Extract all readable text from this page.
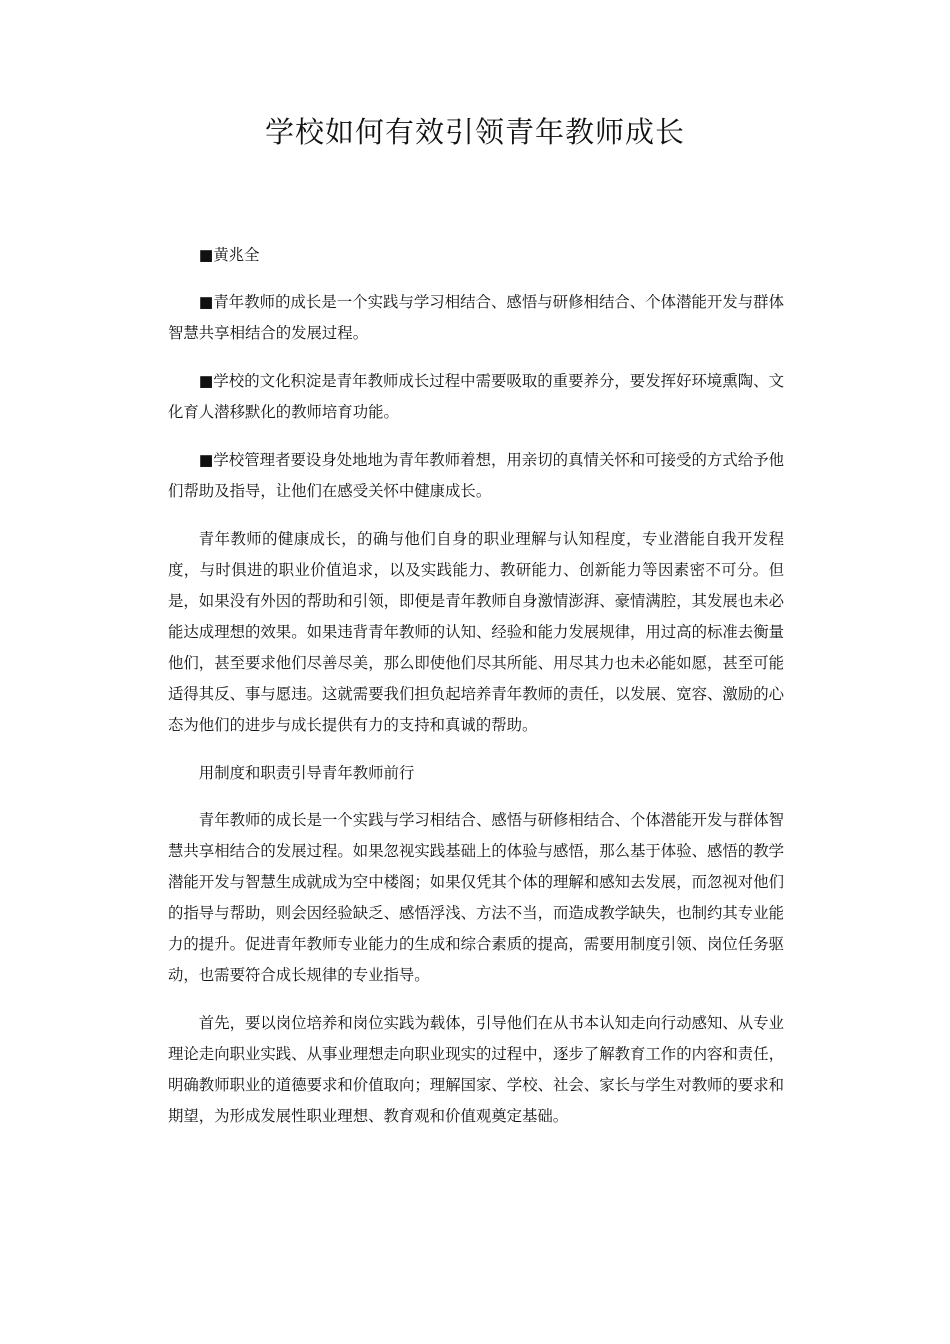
学校如何有效引领青年教师成长

■黄兆全

■青年教师的成长是一个实践与学习相结合、感悟与研修相结合、个体潜能开发与群体智慧共享相结合的发展过程。

■学校的文化积淀是青年教师成长过程中需要吸取的重要养分，要发挥好环境熏陶、文化育人潜移默化的教师培育功能。

■学校管理者要设身处地地为青年教师着想，用亲切的真情关怀和可接受的方式给予他们帮助及指导，让他们在感受关怀中健康成长。

青年教师的健康成长，的确与他们自身的职业理解与认知程度，专业潜能自我开发程度，与时俱进的职业价值追求，以及实践能力、教研能力、创新能力等因素密不可分。但是，如果没有外因的帮助和引领，即便是青年教师自身激情澎湃、豪情满腔，其发展也未必能达成理想的效果。如果违背青年教师的认知、经验和能力发展规律，用过高的标准去衡量他们，甚至要求他们尽善尽美，那么即使他们尽其所能、用尽其力也未必能如愿，甚至可能适得其反、事与愿违。这就需要我们担负起培养青年教师的责任，以发展、宽容、激励的心态为他们的进步与成长提供有力的支持和真诚的帮助。

用制度和职责引导青年教师前行

青年教师的成长是一个实践与学习相结合、感悟与研修相结合、个体潜能开发与群体智慧共享相结合的发展过程。如果忽视实践基础上的体验与感悟，那么基于体验、感悟的教学潜能开发与智慧生成就成为空中楼阁；如果仅凭其个体的理解和感知去发展，而忽视对他们的指导与帮助，则会因经验缺乏、感悟浮浅、方法不当，而造成教学缺失，也制约其专业能力的提升。促进青年教师专业能力的生成和综合素质的提高，需要用制度引领、岗位任务驱动，也需要符合成长规律的专业指导。

首先，要以岗位培养和岗位实践为载体，引导他们在从书本认知走向行动感知、从专业理论走向职业实践、从事业理想走向职业现实的过程中，逐步了解教育工作的内容和责任，明确教师职业的道德要求和价值取向；理解国家、学校、社会、家长与学生对教师的要求和期望，为形成发展性职业理想、教育观和价值观奠定基础。
